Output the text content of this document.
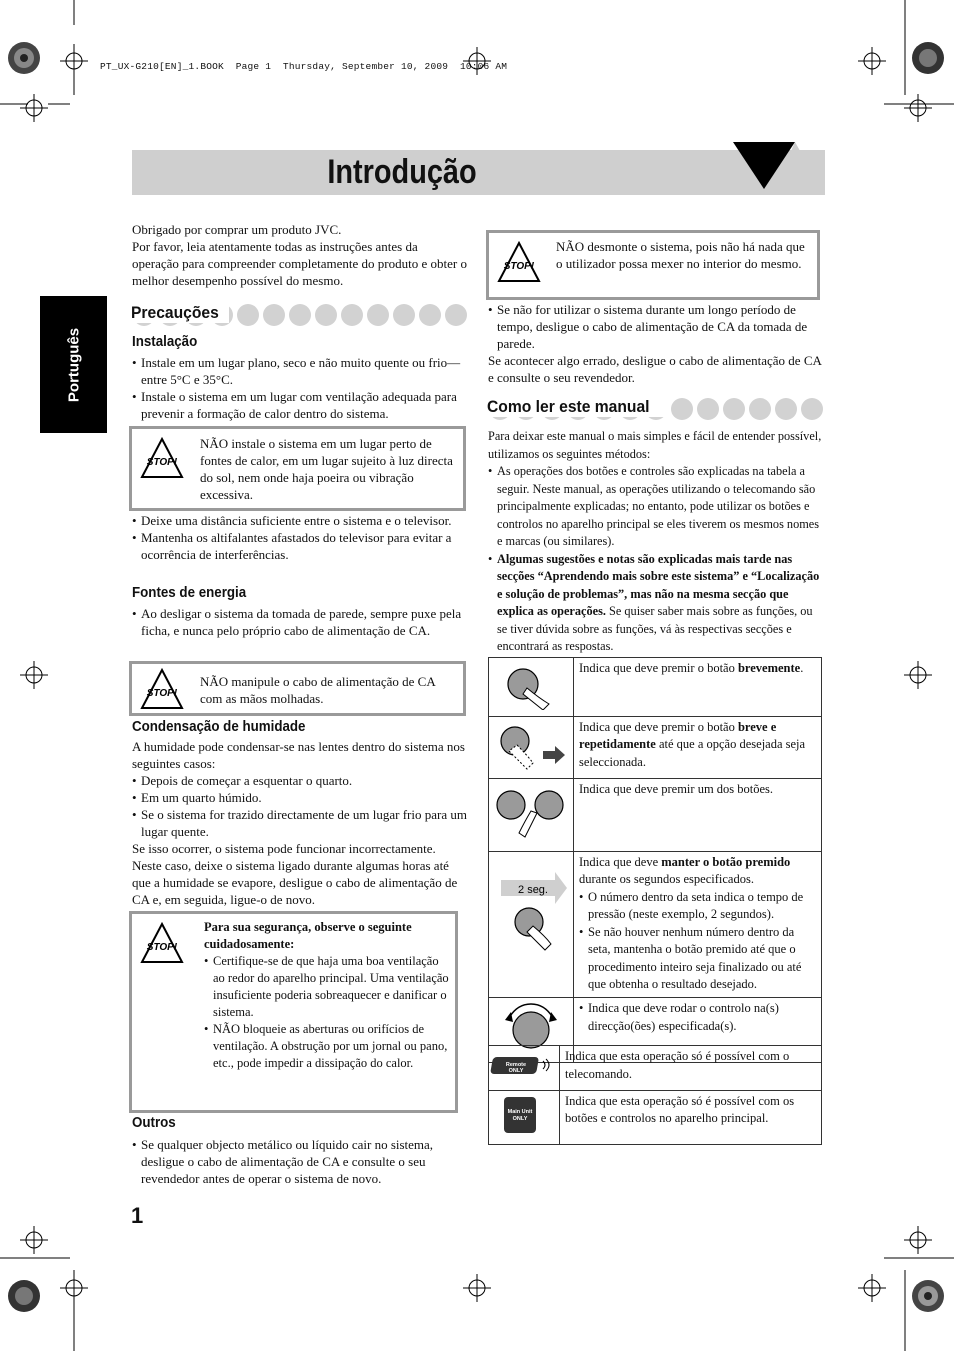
PT_UX-G210[EN]_1.BOOK  Page 1  Thursday, September 10, 2009  10:06 AM
Introdução
Português
Obrigado por comprar um produto JVC.
Por favor, leia atentamente todas as instruções antes da operação para compreender completamente do produto e obter o melhor desempenho possível do mesmo.
Precauções
Instalação
• Instale em um lugar plano, seco e não muito quente ou frio—entre 5°C e 35°C.
• Instale o sistema em um lugar com ventilação adequada para prevenir a formação de calor dentro do sistema.
NÃO instale o sistema em um lugar perto de fontes de calor, em um lugar sujeito à luz directa do sol, nem onde haja poeira ou vibração excessiva.
STOP!
• Deixe uma distância suficiente entre o sistema e o televisor.
• Mantenha os altifalantes afastados do televisor para evitar a ocorrência de interferências.
Fontes de energia
• Ao desligar o sistema da tomada de parede, sempre puxe pela ficha, e nunca pelo próprio cabo de alimentação de CA.
NÃO manipule o cabo de alimentação de CA com as mãos molhadas.
STOP!
Condensação de humidade
A humidade pode condensar-se nas lentes dentro do sistema nos seguintes casos:
• Depois de começar a esquentar o quarto.
• Em um quarto húmido.
• Se o sistema for trazido directamente de um lugar frio para um lugar quente.
Se isso ocorrer, o sistema pode funcionar incorrectamente. Neste caso, deixe o sistema ligado durante algumas horas até que a humidade se evapore, desligue o cabo de alimentação de CA e, em seguida, ligue-o de novo.
Para sua segurança, observe o seguinte cuidadosamente:
• Certifique-se de que haja uma boa ventilação ao redor do aparelho principal. Uma ventilação insuficiente poderia sobreaquecer e danificar o sistema.
• NÃO bloqueie as aberturas ou orifícios de ventilação. A obstrução por um jornal ou pano, etc., pode impedir a dissipação do calor.
STOP!
Outros
• Se qualquer objecto metálico ou líquido cair no sistema, desligue o cabo de alimentação de CA e consulte o seu revendedor antes de operar o sistema de novo.
1
NÃO desmonte o sistema, pois não há nada que o utilizador possa mexer no interior do mesmo.
STOP!
• Se não for utilizar o sistema durante um longo período de tempo, desligue o cabo de alimentação de CA da tomada de parede.
Se acontecer algo errado, desligue o cabo de alimentação de CA e consulte o seu revendedor.
Como ler este manual
Para deixar este manual o mais simples e fácil de entender possível, utilizamos os seguintes métodos:
• As operações dos botões e controles são explicadas na tabela a seguir. Neste manual, as operações utilizando o telecomando são principalmente explicadas; no entanto, pode utilizar os botões e controlos no aparelho principal se eles tiverem os mesmos nomes e marcas (ou similares).
• Algumas sugestões e notas são explicadas mais tarde nas secções “Aprendendo mais sobre este sistema” e “Localização e solução de problemas”, mas não na mesma secção que explica as operações. Se quiser saber mais sobre as funções, ou se tiver dúvida sobre as funções, vá às respectivas secções e encontrará as respostas.
	Indica que deve premir o botão brevemente.
	Indica que deve premir o botão breve e repetidamente até que a opção desejada seja seleccionada.
	Indica que deve premir um dos botões.

2 seg.	Indica que deve manter o botão premido durante os segundos especificados.
• O número dentro da seta indica o tempo de pressão (neste exemplo, 2 segundos).
• Se não houver nenhum número dentro da seta, mantenha o botão premido até que o procedimento inteiro seja finalizado ou até que obtenha o resultado desejado.

• Indica que deve rodar o controlo na(s) direcção(ões) especificada(s).
Remote
ONLY	Indica que esta operação só é possível com o telecomando.

Main Unit
ONLY	Indica que esta operação só é possível com os botões e controlos no aparelho principal.
